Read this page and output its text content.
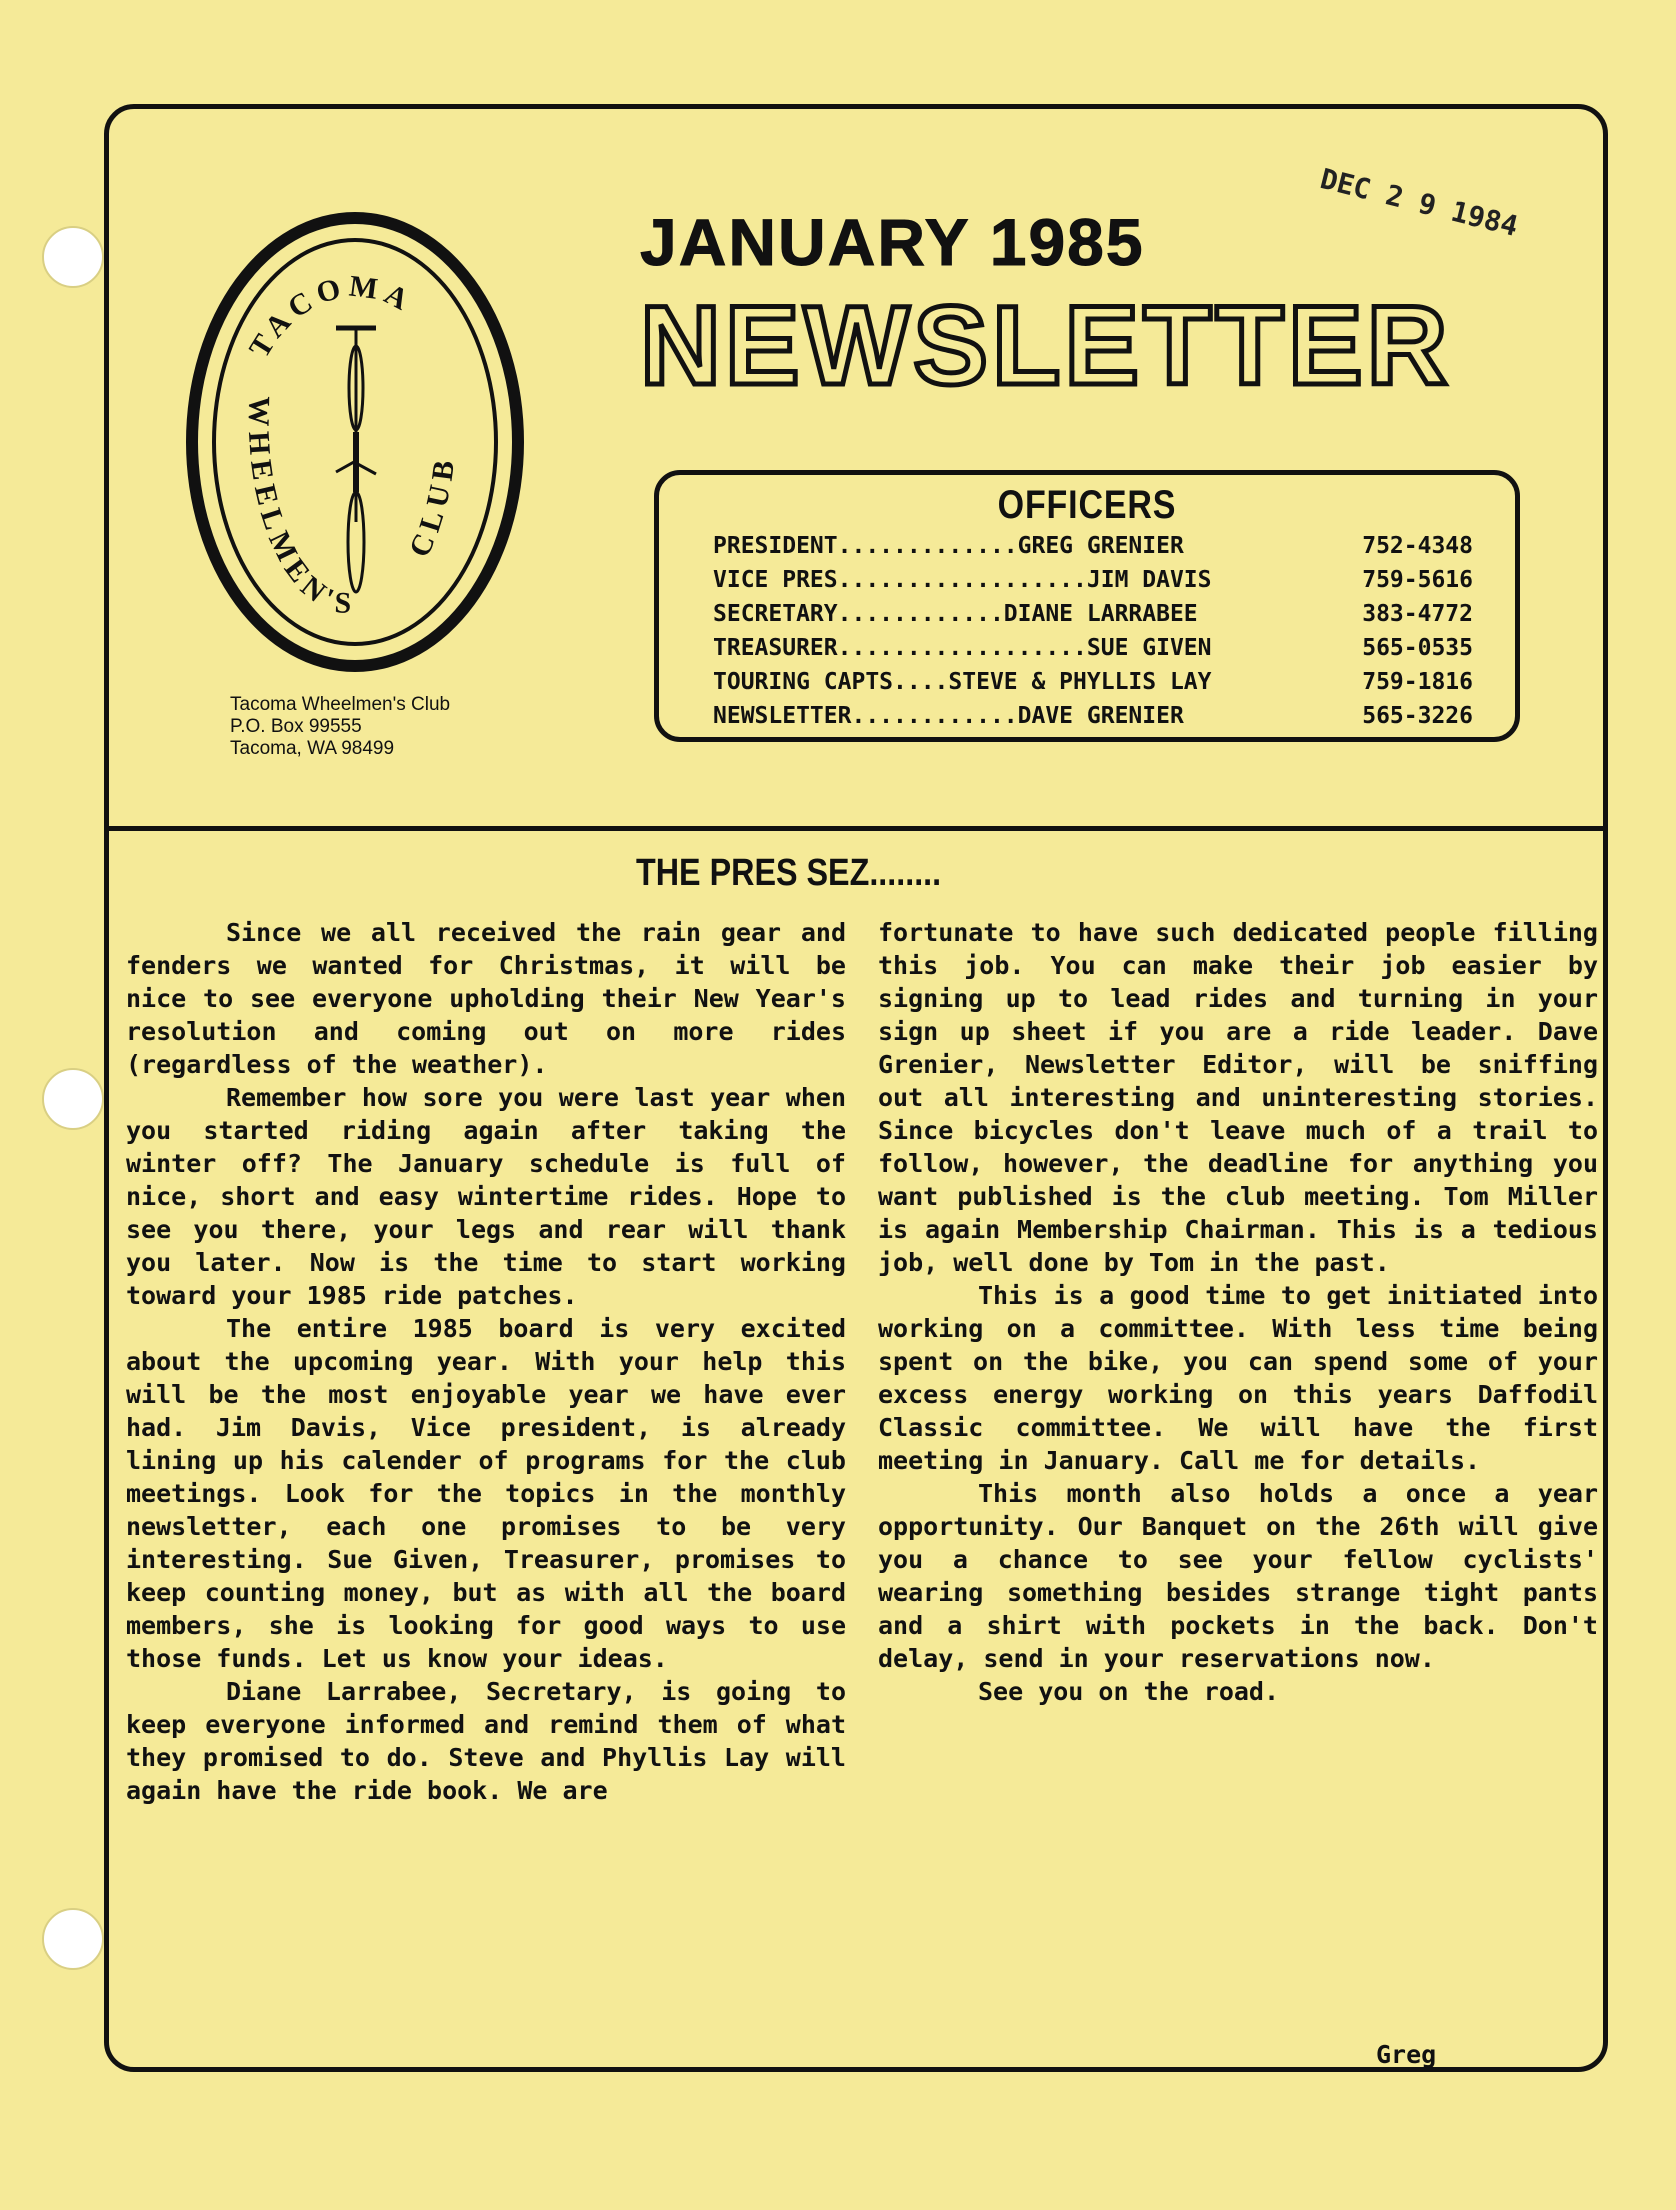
TACOMA
WHEELMEN'S
CLUB
Tacoma Wheelmen's Club
P.O. Box 99555
Tacoma, WA 98499
JANUARY 1985
NEWSLETTER
DEC 2 9 1984
OFFICERS
PRESIDENT.............GREG GRENIER	752-4348
VICE PRES..................JIM DAVIS	759-5616
SECRETARY............DIANE LARRABEE	383-4772
TREASURER..................SUE GIVEN	565-0535
TOURING CAPTS....STEVE & PHYLLIS LAY	759-1816
NEWSLETTER............DAVE GRENIER	565-3226
THE PRES SEZ........

Since we all received the rain gear and fenders we wanted for Christmas, it will be nice to see everyone upholding their New Year's resolution and coming out on more rides (regardless of the weather).

Remember how sore you were last year when you started riding again after taking the winter off? The January schedule is full of nice, short and easy wintertime rides. Hope to see you there, your legs and rear will thank you later. Now is the time to start working toward your 1985 ride patches.

The entire 1985 board is very excited about the upcoming year. With your help this will be the most enjoyable year we have ever had. Jim Davis, Vice president, is already lining up his calender of programs for the club meetings. Look for the topics in the monthly newsletter, each one promises to be very interesting. Sue Given, Treasurer, promises to keep counting money, but as with all the board members, she is looking for good ways to use those funds. Let us know your ideas.

Diane Larrabee, Secretary, is going to keep everyone informed and remind them of what they promised to do. Steve and Phyllis Lay will again have the ride book. We are

fortunate to have such dedicated people filling this job. You can make their job easier by signing up to lead rides and turning in your sign up sheet if you are a ride leader. Dave Grenier, Newsletter Editor, will be sniffing out all interesting and uninteresting stories. Since bicycles don't leave much of a trail to follow, however, the deadline for anything you want published is the club meeting. Tom Miller is again Membership Chairman. This is a tedious job, well done by Tom in the past.

This is a good time to get initiated into working on a committee. With less time being spent on the bike, you can spend some of your excess energy working on this years Daffodil Classic committee. We will have the first meeting in January. Call me for details.

This month also holds a once a year opportunity. Our Banquet on the 26th will give you a chance to see your fellow cyclists' wearing something besides strange tight pants and a shirt with pockets in the back. Don't delay, send in your reservations now.

See you on the road.

Greg
